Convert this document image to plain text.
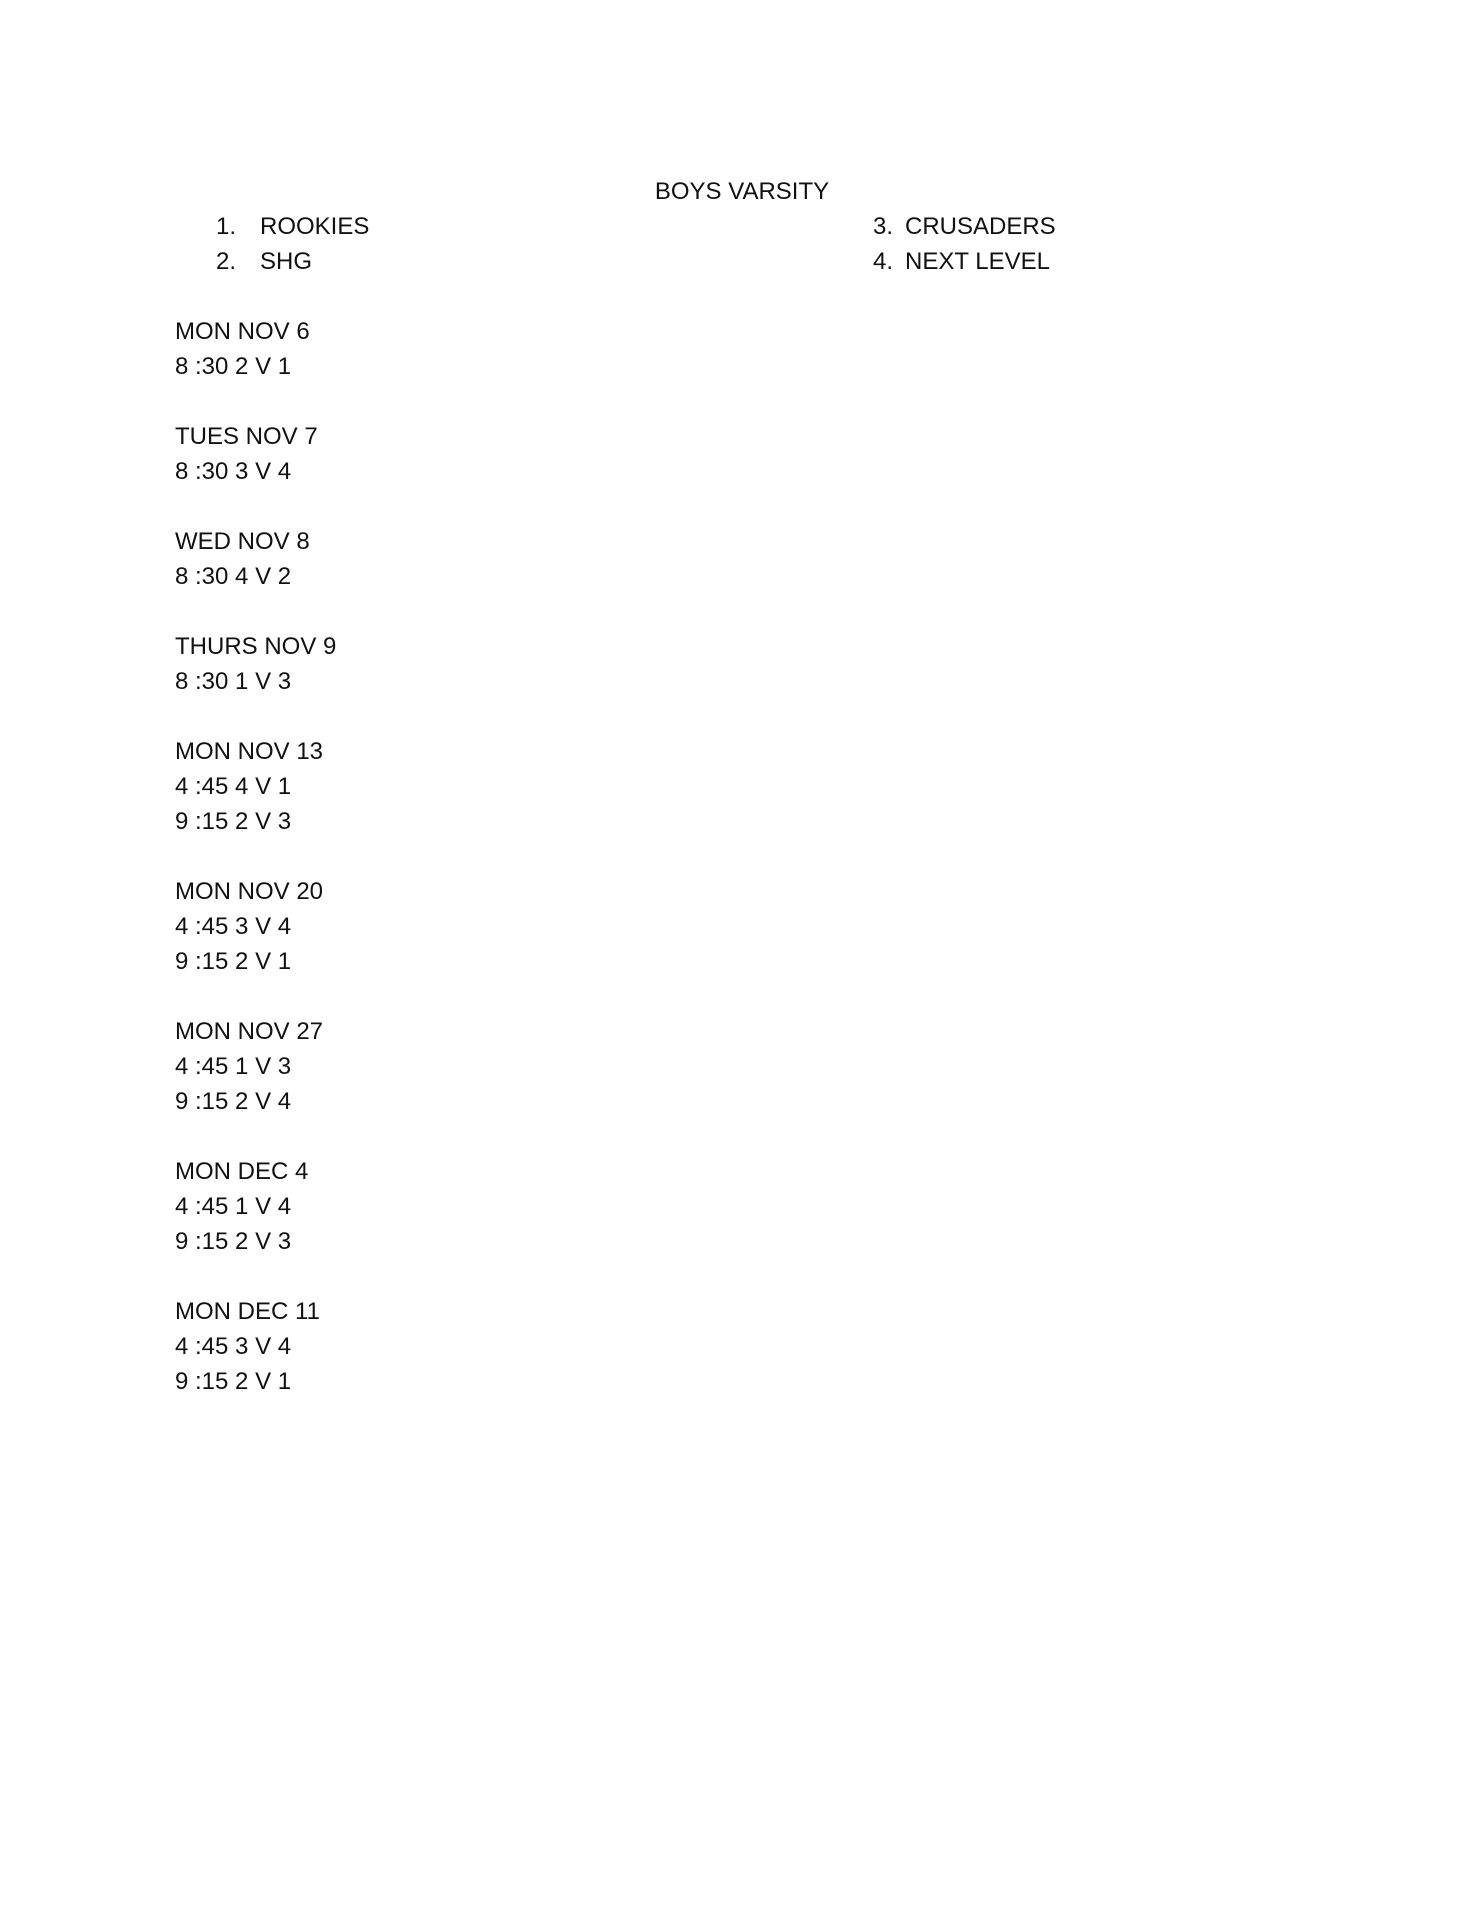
BOYS VARSITY
1. ROOKIES
2. SHG
3. CRUSADERS
4. NEXT LEVEL
MON NOV 6
8 :30 2 V 1
TUES NOV 7
8 :30 3 V 4
WED NOV 8
8 :30 4 V 2
THURS NOV 9
8 :30 1 V 3
MON NOV 13
4 :45 4 V 1
9 :15 2 V 3
MON NOV 20
4 :45 3 V 4
9 :15 2 V 1
MON NOV 27
4 :45 1 V 3
9 :15 2 V 4
MON DEC 4
4 :45 1 V 4
9 :15 2 V 3
MON DEC 11
4 :45 3 V 4
9 :15 2 V 1
